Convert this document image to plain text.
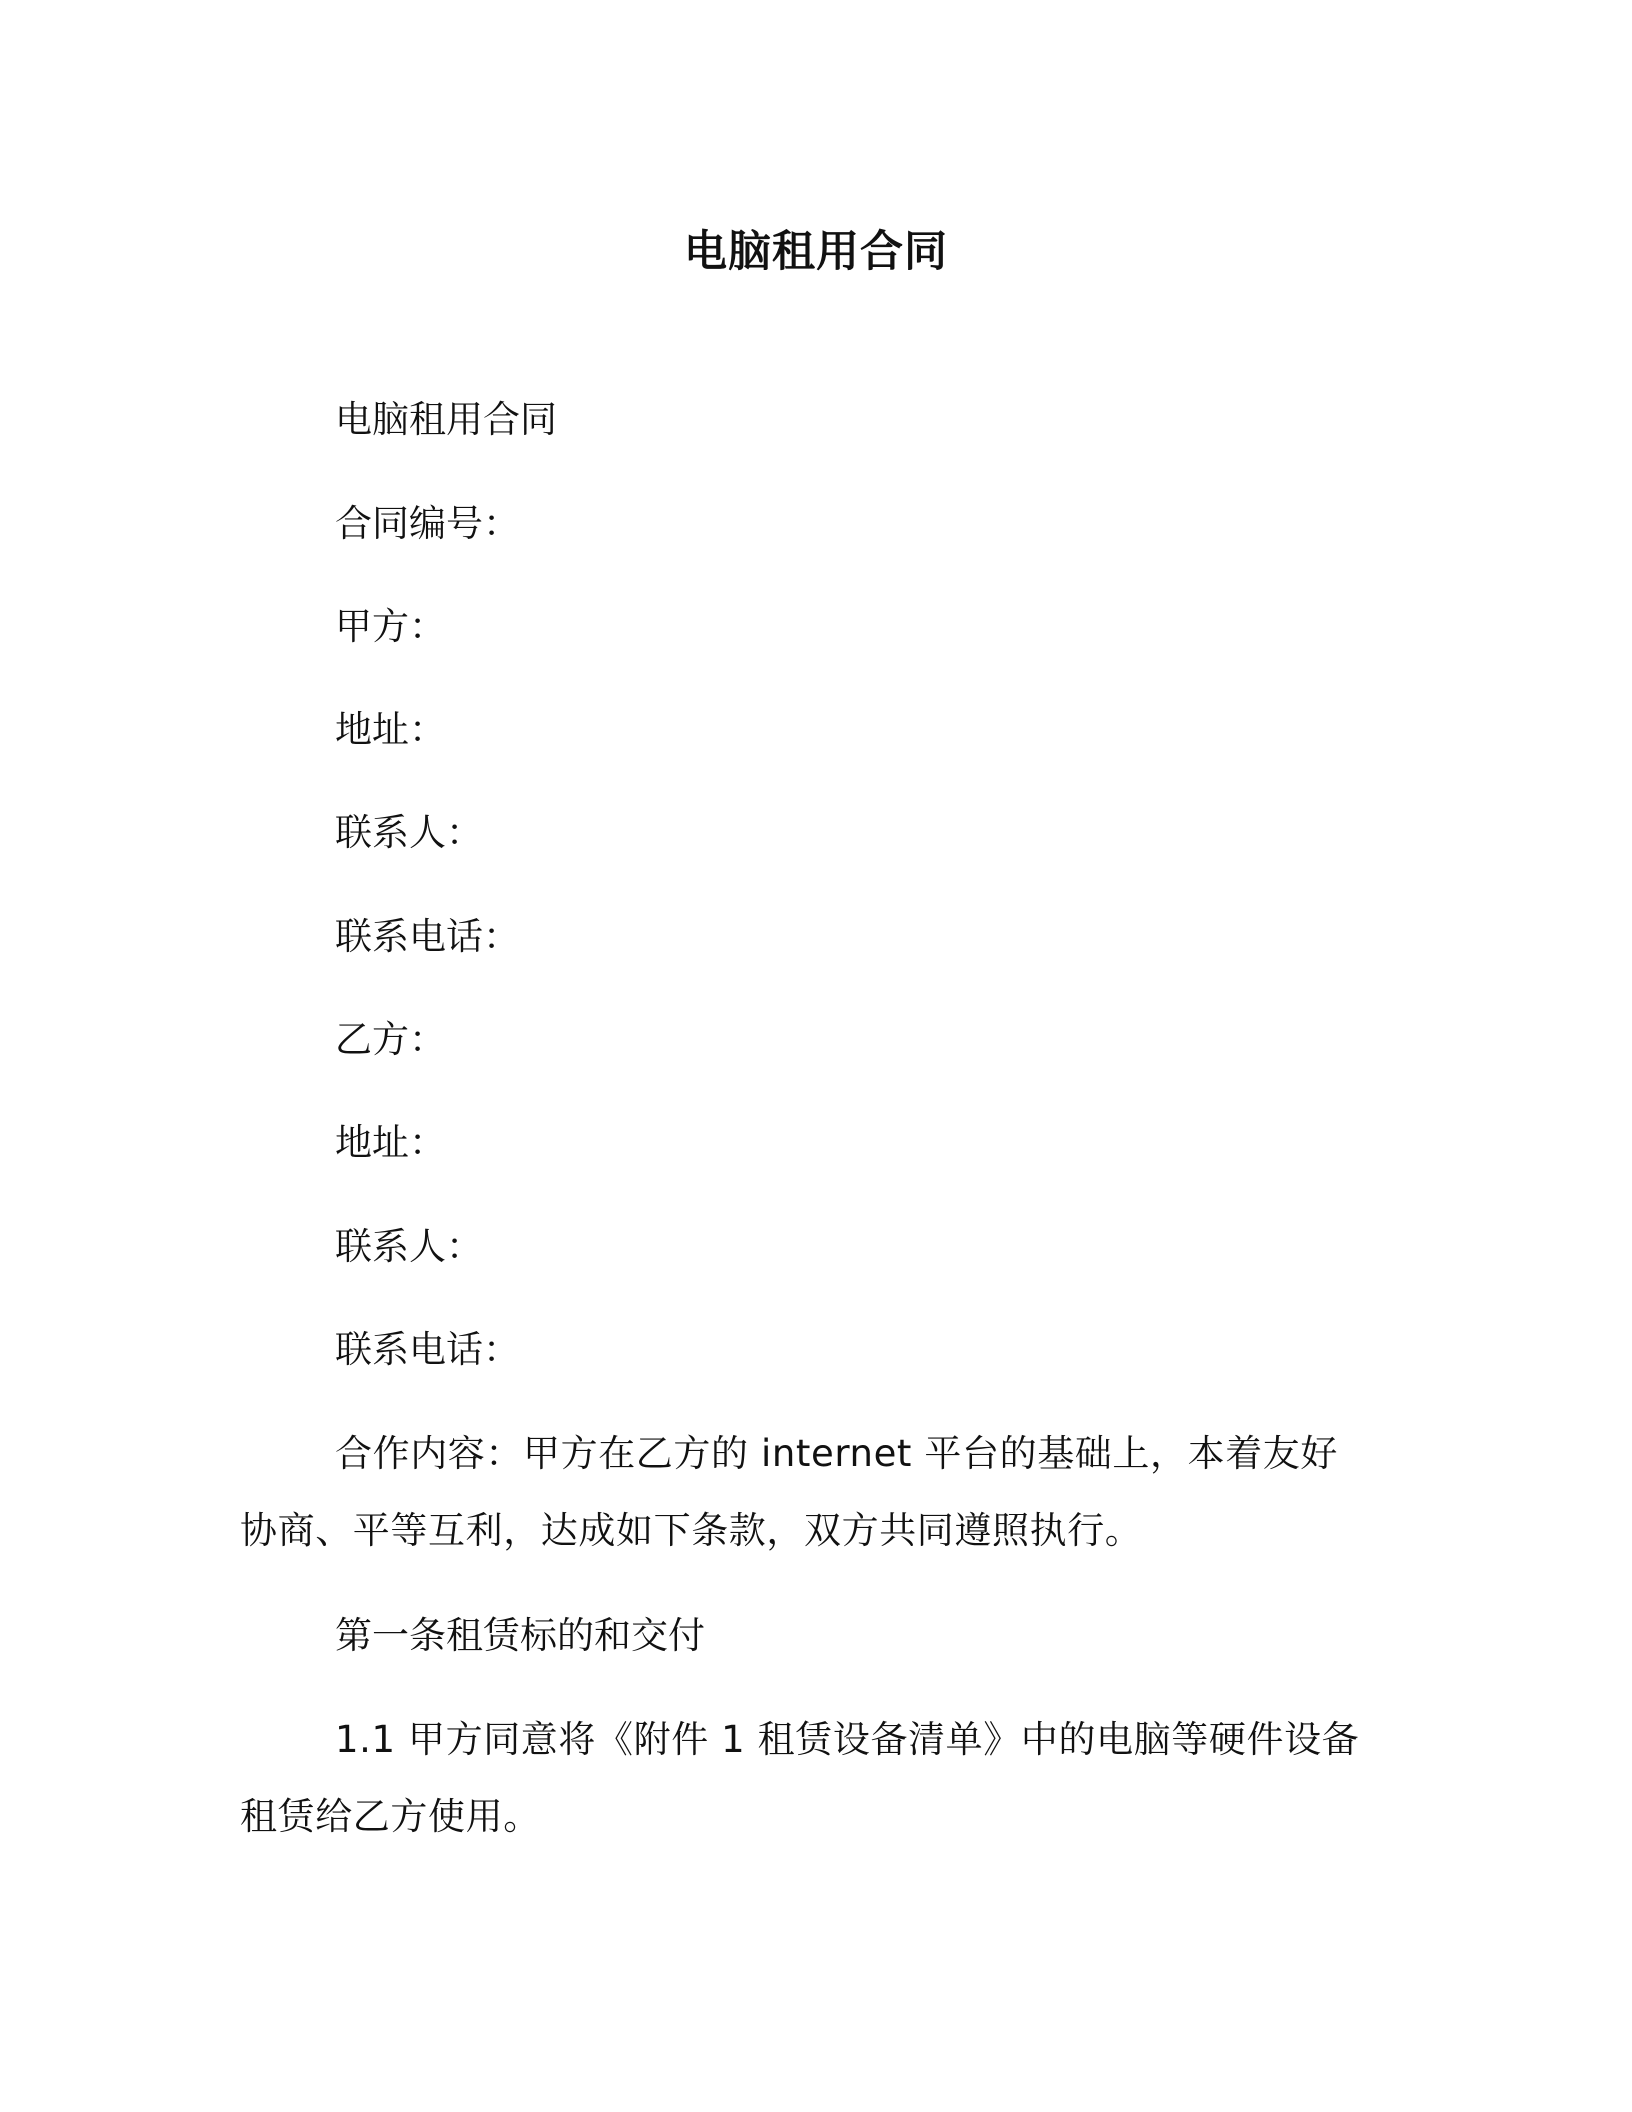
电脑租用合同
电脑租用合同
合同编号：
甲方：
地址：
联系人：
联系电话：
乙方：
地址：
联系人：
联系电话：
合作内容：甲方在乙方的 internet 平台的基础上，本着友好协商、平等互利，达成如下条款，双方共同遵照执行。
第一条租赁标的和交付
1.1 甲方同意将《附件 1 租赁设备清单》中的电脑等硬件设备租赁给乙方使用。
